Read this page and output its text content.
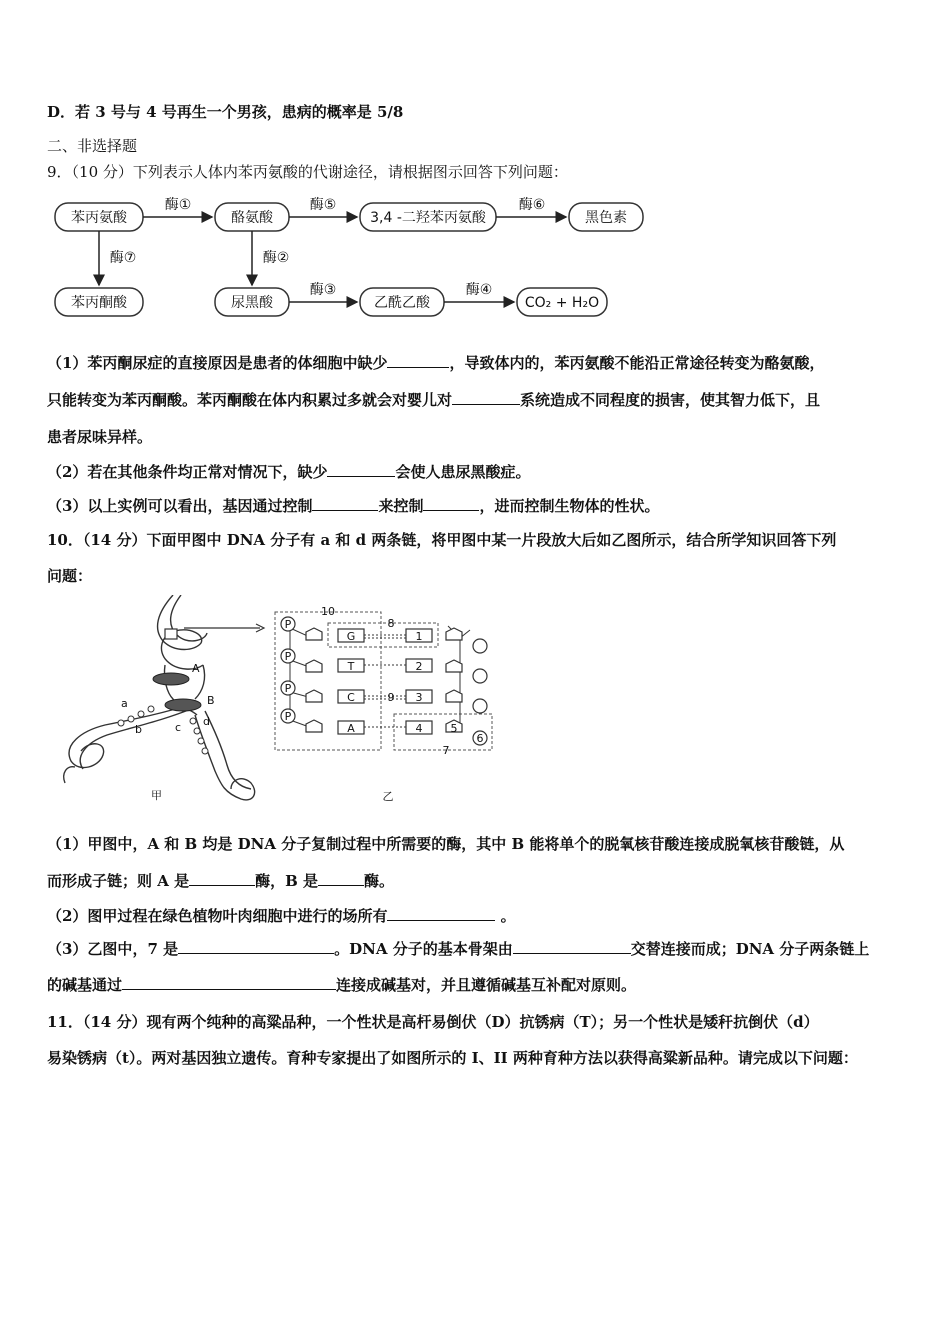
D．若 3 号与 4 号再生一个男孩，患病的概率是 5/8
二、非选择题
9．（10 分）下列表示人体内苯丙氨酸的代谢途径，请根据图示回答下列问题：
苯丙氨酸	酪氨酸	3,4 -二羟苯丙氨酸	黑色素
苯丙酮酸	尿黑酸	乙酰乙酸	CO₂ + H₂O
酶①	酶⑤	酶⑥
酶⑦	酶②
酶③	酶④
（1）苯丙酮尿症的直接原因是患者的体细胞中缺少	，导致体内的，苯丙氨酸不能沿正常途径转变为酪氨酸，
只能转变为苯丙酮酸。苯丙酮酸在体内积累过多就会对婴儿对	系统造成不同程度的损害，使其智力低下，且
患者尿味异样。
（2）若在其他条件均正常对情况下，缺少	会使人患尿黑酸症。
（3）以上实例可以看出，基因通过控制	来控制	，进而控制生物体的性状。
10．（14 分）下面甲图中 DNA 分子有 a 和 d 两条链，将甲图中某一片段放大后如乙图所示，结合所学知识回答下列
问题：
A
B
a
b	c d
甲
P
P
P
P
G
T
C
A
1
2
3
4
10
8
9
5
6
7
乙
（1）甲图中，A 和 B 均是 DNA 分子复制过程中所需要的酶，其中 B 能将单个的脱氧核苷酸连接成脱氧核苷酸链，从
而形成子链；则 A 是	酶，B 是	酶。
（2）图甲过程在绿色植物叶肉细胞中进行的场所有	。
（3）乙图中，7 是	。DNA 分子的基本骨架由	交替连接而成；DNA 分子两条链上
的碱基通过	连接成碱基对，并且遵循碱基互补配对原则。
11．（14 分）现有两个纯种的高粱品种，一个性状是高杆易倒伏（D）抗锈病（T）；另一个性状是矮秆抗倒伏（d）
易染锈病（t）。两对基因独立遗传。育种专家提出了如图所示的 I、II 两种育种方法以获得高粱新品种。请完成以下问题：
